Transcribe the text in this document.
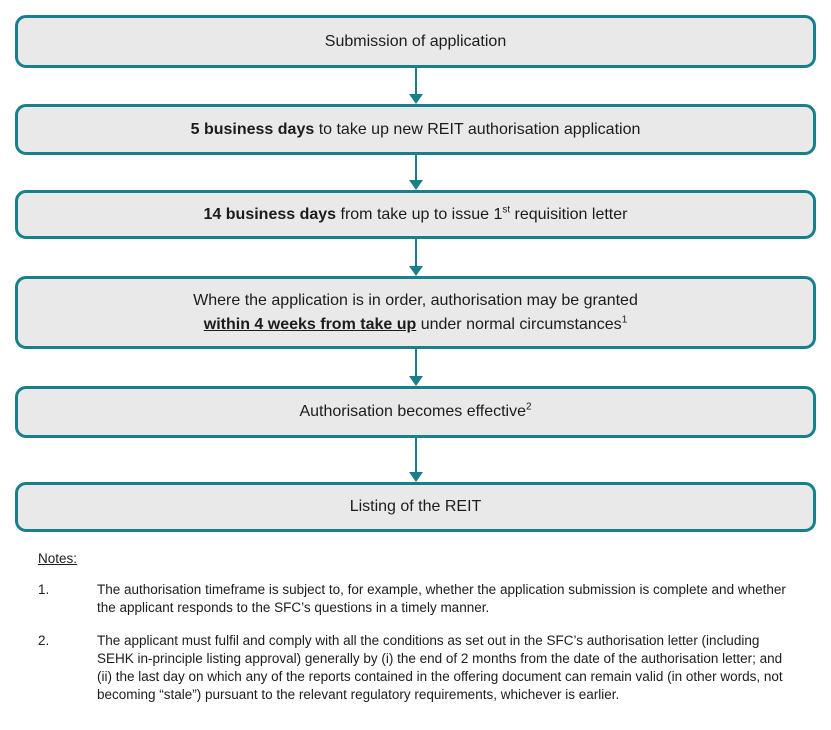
Submission of application

5 business days to take up new REIT authorisation application

14 business days from take up to issue 1st requisition letter

Where the application is in order, authorisation may be granted
within 4 weeks from take up under normal circumstances$^1$

Authorisation becomes effective$^2$

Listing of the REIT

Notes:
1.	The authorisation timeframe is subject to, for example, whether the application submission is complete and whether the applicant responds to the SFC’s questions in a timely manner.
2.	The applicant must fulfil and comply with all the conditions as set out in the SFC’s authorisation letter (including SEHK in-principle listing approval) generally by (i) the end of 2 months from the date of the authorisation letter; and (ii) the last day on which any of the reports contained in the offering document can remain valid (in other words, not becoming “stale”) pursuant to the relevant regulatory requirements, whichever is earlier.
